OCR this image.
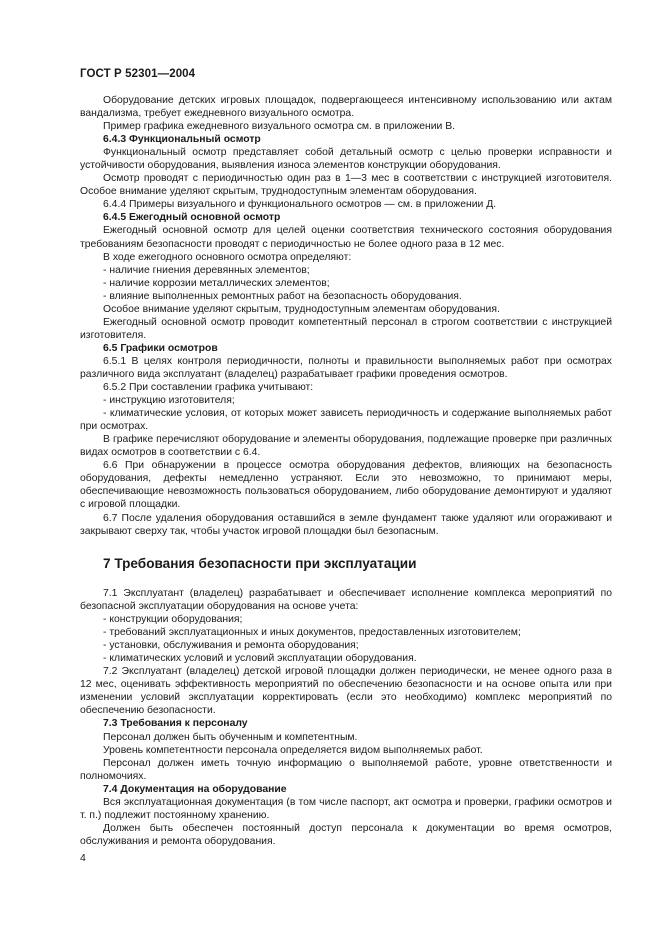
ГОСТ Р 52301—2004

Оборудование детских игровых площадок, подвергающееся интенсивному использованию или актам вандализма, требует ежедневного визуального осмотра.

Пример графика ежедневного визуального осмотра см. в приложении В.

6.4.3 Функциональный осмотр

Функциональный осмотр представляет собой детальный осмотр с целью проверки исправности и устойчивости оборудования, выявления износа элементов конструкции оборудования.

Осмотр проводят с периодичностью один раз в 1—3 мес в соответствии с инструкцией изготовителя. Особое внимание уделяют скрытым, труднодоступным элементам оборудования.

6.4.4 Примеры визуального и функционального осмотров — см. в приложении Д.

6.4.5 Ежегодный основной осмотр

Ежегодный основной осмотр для целей оценки соответствия технического состояния оборудования требованиям безопасности проводят с периодичностью не более одного раза в 12 мес.

В ходе ежегодного основного осмотра определяют:

- наличие гниения деревянных элементов;

- наличие коррозии металлических элементов;

- влияние выполненных ремонтных работ на безопасность оборудования.

Особое внимание уделяют скрытым, труднодоступным элементам оборудования.

Ежегодный основной осмотр проводит компетентный персонал в строгом соответствии с инструкцией изготовителя.

6.5 Графики осмотров

6.5.1 В целях контроля периодичности, полноты и правильности выполняемых работ при осмотрах различного вида эксплуатант (владелец) разрабатывает графики проведения осмотров.

6.5.2 При составлении графика учитывают:

- инструкцию изготовителя;

- климатические условия, от которых может зависеть периодичность и содержание выполняемых работ при осмотрах.

В графике перечисляют оборудование и элементы оборудования, подлежащие проверке при различных видах осмотров в соответствии с 6.4.

6.6 При обнаружении в процессе осмотра оборудования дефектов, влияющих на безопасность оборудования, дефекты немедленно устраняют. Если это невозможно, то принимают меры, обеспечивающие невозможность пользоваться оборудованием, либо оборудование демонтируют и удаляют с игровой площадки.

6.7 После удаления оборудования оставшийся в земле фундамент также удаляют или огораживают и закрывают сверху так, чтобы участок игровой площадки был безопасным.

7 Требования безопасности при эксплуатации

7.1 Эксплуатант (владелец) разрабатывает и обеспечивает исполнение комплекса мероприятий по безопасной эксплуатации оборудования на основе учета:

- конструкции оборудования;

- требований эксплуатационных и иных документов, предоставленных изготовителем;

- установки, обслуживания и ремонта оборудования;

- климатических условий и условий эксплуатации оборудования.

7.2 Эксплуатант (владелец) детской игровой площадки должен периодически, не менее одного раза в 12 мес, оценивать эффективность мероприятий по обеспечению безопасности и на основе опыта или при изменении условий эксплуатации корректировать (если это необходимо) комплекс мероприятий по обеспечению безопасности.

7.3 Требования к персоналу

Персонал должен быть обученным и компетентным.

Уровень компетентности персонала определяется видом выполняемых работ.

Персонал должен иметь точную информацию о выполняемой работе, уровне ответственности и полномочиях.

7.4 Документация на оборудование

Вся эксплуатационная документация (в том числе паспорт, акт осмотра и проверки, графики осмотров и т. п.) подлежит постоянному хранению.

Должен быть обеспечен постоянный доступ персонала к документации во время осмотров, обслуживания и ремонта оборудования.

4
